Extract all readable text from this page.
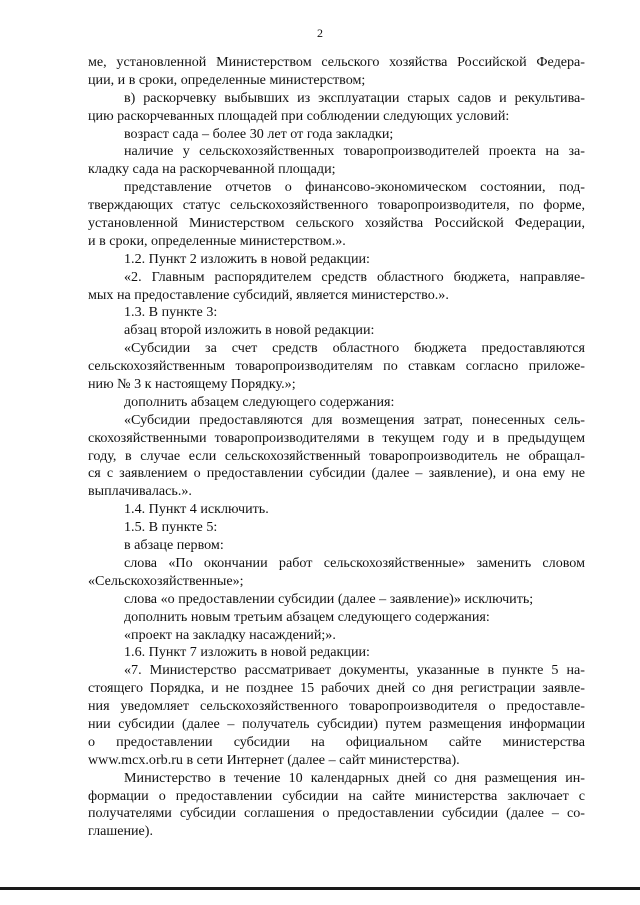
2
ме, установленной Министерством сельского хозяйства Российской Федера-
ции, и в сроки, определенные министерством;
в) раскорчевку выбывших из эксплуатации старых садов и рекультива-
цию раскорчеванных площадей при соблюдении следующих условий:
возраст сада – более 30 лет от года закладки;
наличие у сельскохозяйственных товаропроизводителей проекта на за-
кладку сада на раскорчеванной площади;
представление отчетов о финансово-экономическом состоянии, под-
тверждающих статус сельскохозяйственного товаропроизводителя, по форме,
установленной Министерством сельского хозяйства Российской Федерации,
и в сроки, определенные министерством.».
1.2. Пункт 2 изложить в новой редакции:
«2. Главным распорядителем средств областного бюджета, направляе-
мых на предоставление субсидий, является министерство.».
1.3. В пункте 3:
абзац второй изложить в новой редакции:
«Субсидии за счет средств областного бюджета предоставляются
сельскохозяйственным товаропроизводителям по ставкам согласно приложе-
нию № 3 к настоящему Порядку.»;
дополнить абзацем следующего содержания:
«Субсидии предоставляются для возмещения затрат, понесенных сель-
скохозяйственными товаропроизводителями в текущем году и в предыдущем
году, в случае если сельскохозяйственный товаропроизводитель не обращал-
ся с заявлением о предоставлении субсидии (далее – заявление), и она ему не
выплачивалась.».
1.4. Пункт 4 исключить.
1.5. В пункте 5:
в абзаце первом:
слова «По окончании работ сельскохозяйственные» заменить словом
«Сельскохозяйственные»;
слова «о предоставлении субсидии (далее – заявление)» исключить;
дополнить новым третьим абзацем следующего содержания:
«проект на закладку насаждений;».
1.6. Пункт 7 изложить в новой редакции:
«7. Министерство рассматривает документы, указанные в пункте 5 на-
стоящего Порядка, и не позднее 15 рабочих дней со дня регистрации заявле-
ния уведомляет сельскохозяйственного товаропроизводителя о предоставле-
нии субсидии (далее – получатель субсидии) путем размещения информации
о предоставлении субсидии на официальном сайте министерства
www.mcx.orb.ru в сети Интернет (далее – сайт министерства).
Министерство в течение 10 календарных дней со дня размещения ин-
формации о предоставлении субсидии на сайте министерства заключает с
получателями субсидии соглашения о предоставлении субсидии (далее – со-
глашение).
